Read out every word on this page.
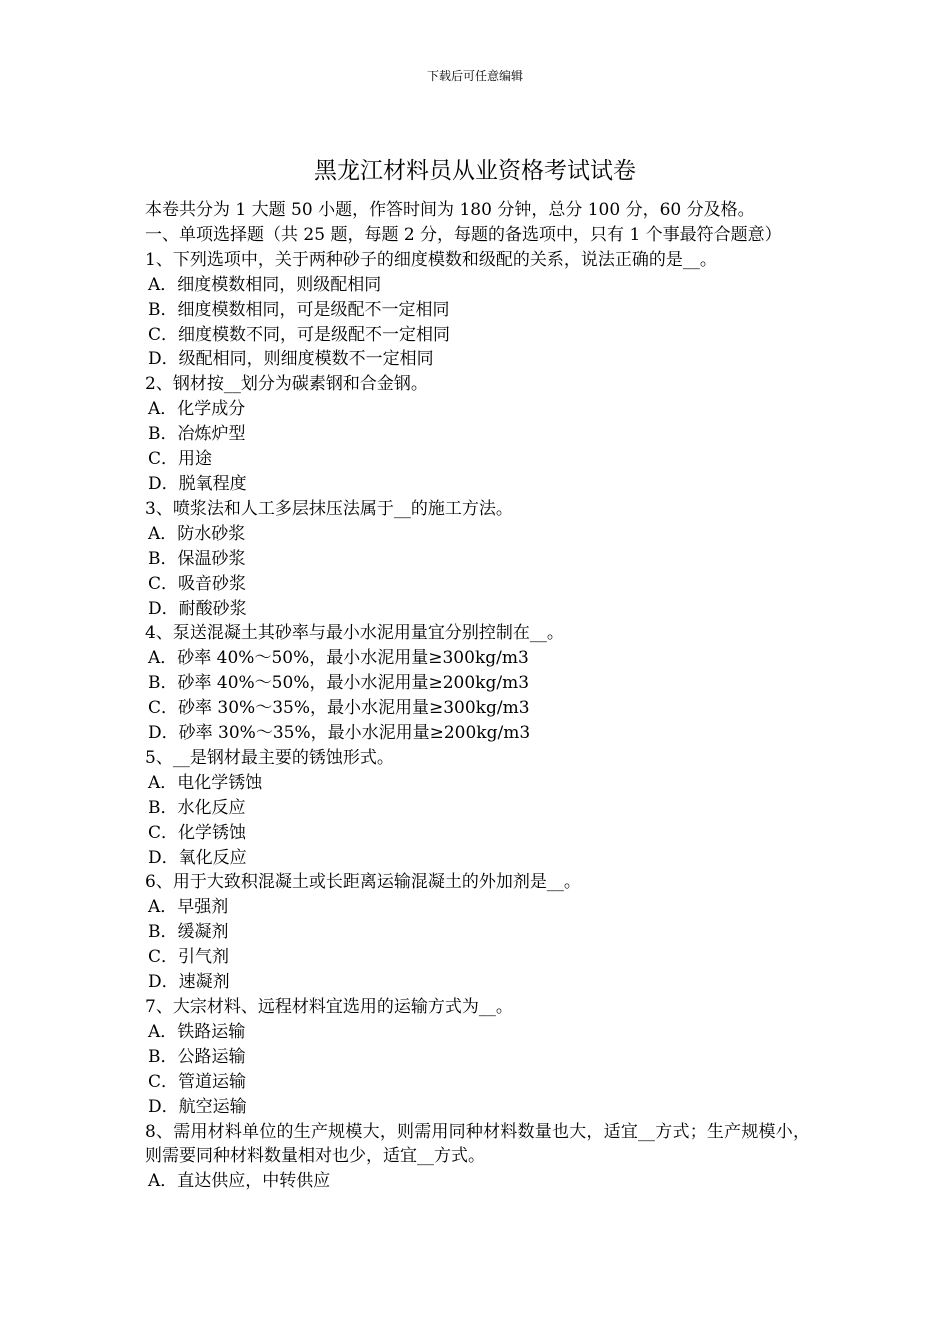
下载后可任意编辑
黑龙江材料员从业资格考试试卷
本卷共分为 1 大题 50 小题，作答时间为 180 分钟，总分 100 分，60 分及格。
一、单项选择题（共 25 题，每题 2 分，每题的备选项中，只有 1 个事最符合题意）
1、下列选项中，关于两种砂子的细度模数和级配的关系，说法正确的是__。
A．细度模数相同，则级配相同
B．细度模数相同，可是级配不一定相同
C．细度模数不同，可是级配不一定相同
D．级配相同，则细度模数不一定相同
2、钢材按__划分为碳素钢和合金钢。
A．化学成分
B．冶炼炉型
C．用途
D．脱氧程度
3、喷浆法和人工多层抹压法属于__的施工方法。
A．防水砂浆
B．保温砂浆
C．吸音砂浆
D．耐酸砂浆
4、泵送混凝土其砂率与最小水泥用量宜分别控制在__。
A．砂率 40%～50%，最小水泥用量≥300kg/m3
B．砂率 40%～50%，最小水泥用量≥200kg/m3
C．砂率 30%～35%，最小水泥用量≥300kg/m3
D．砂率 30%～35%，最小水泥用量≥200kg/m3
5、__是钢材最主要的锈蚀形式。
A．电化学锈蚀
B．水化反应
C．化学锈蚀
D．氧化反应
6、用于大致积混凝土或长距离运输混凝土的外加剂是__。
A．早强剂
B．缓凝剂
C．引气剂
D．速凝剂
7、大宗材料、远程材料宜选用的运输方式为__。
A．铁路运输
B．公路运输
C．管道运输
D．航空运输
8、需用材料单位的生产规模大，则需用同种材料数量也大，适宜__方式；生产规模小，则需要同种材料数量相对也少，适宜__方式。
A．直达供应，中转供应
